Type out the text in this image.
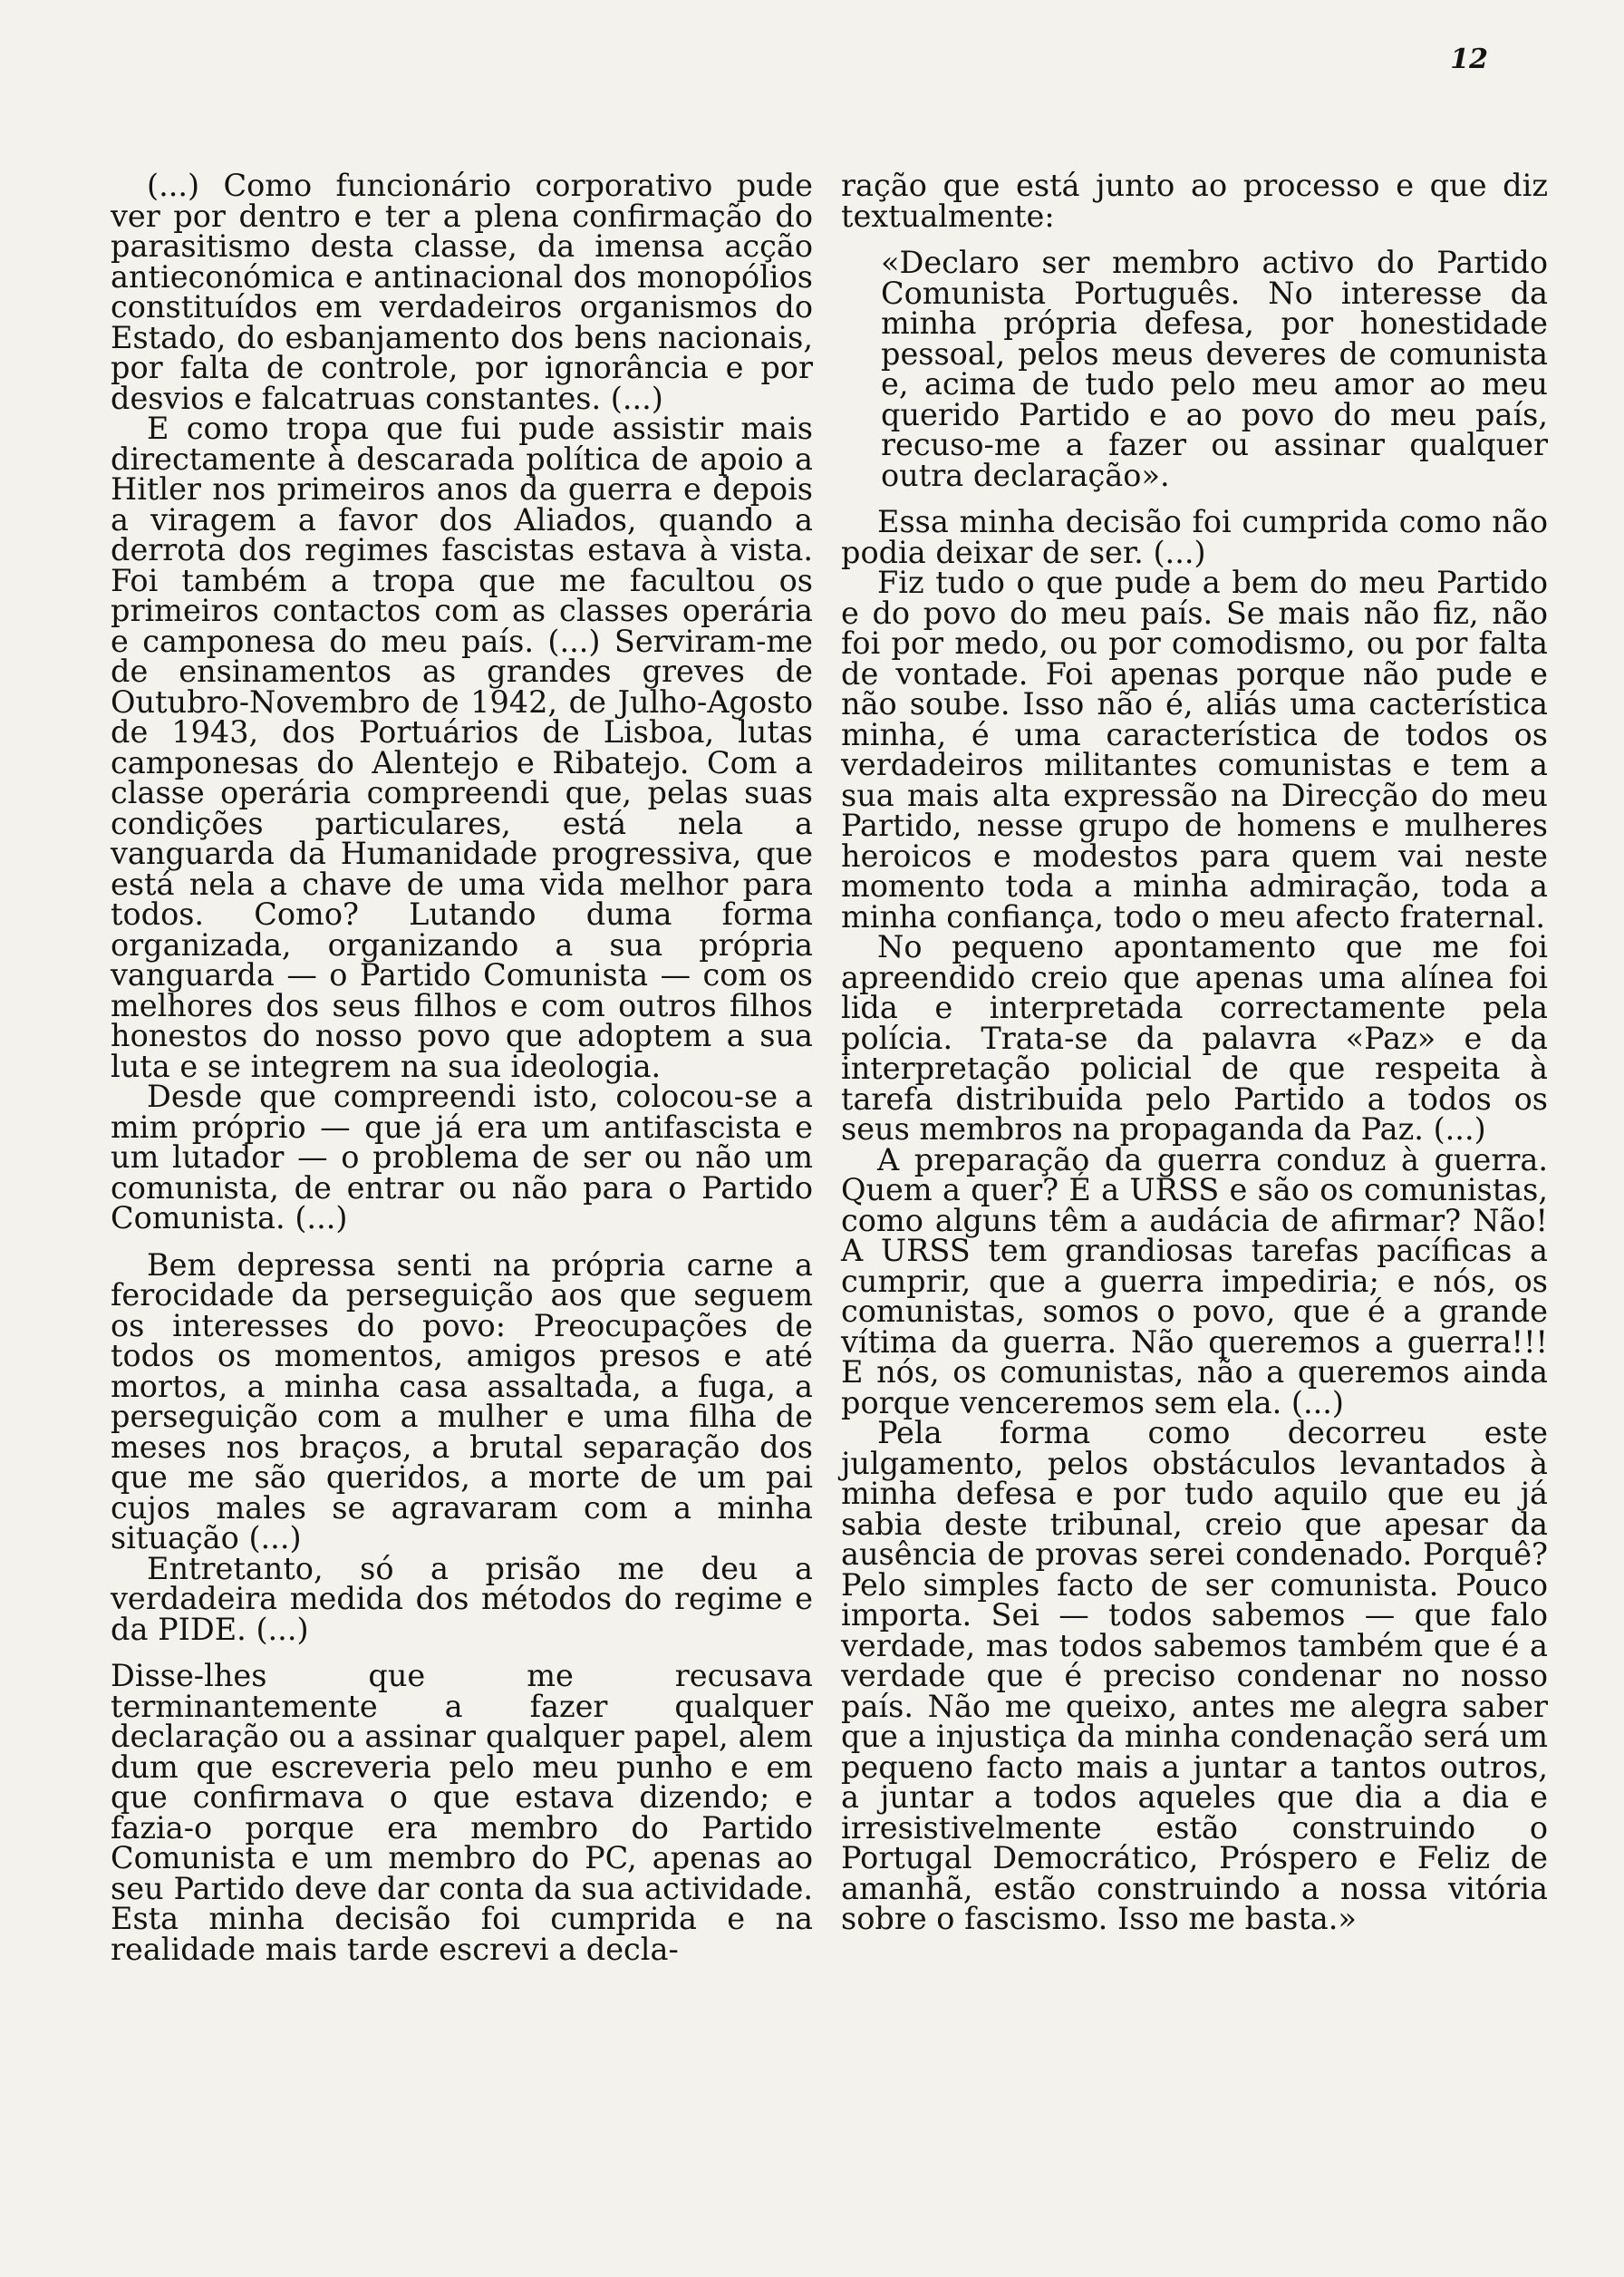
12

(...) Como funcionário corporativo pude ver por dentro e ter a plena confirmação do parasitismo desta classe, da imensa acção antieconómica e antinacional dos monopólios constituídos em verdadeiros organismos do Estado, do esbanjamento dos bens nacionais, por falta de controle, por ignorância e por desvios e falcatruas constantes. (...)

E como tropa que fui pude assistir mais directamente à descarada política de apoio a Hitler nos primeiros anos da guerra e depois a viragem a favor dos Aliados, quando a derrota dos regimes fascistas estava à vista. Foi também a tropa que me facultou os primeiros contactos com as classes operária e camponesa do meu país. (...) Serviram-me de ensinamentos as grandes greves de Outubro-Novembro de 1942, de Julho-Agosto de 1943, dos Portuários de Lisboa, lutas camponesas do Alentejo e Ribatejo. Com a classe operária compreendi que, pelas suas condições particulares, está nela a vanguarda da Humanidade progressiva, que está nela a chave de uma vida melhor para todos. Como? Lutando duma forma organizada, organizando a sua própria vanguarda — o Partido Comunista — com os melhores dos seus filhos e com outros filhos honestos do nosso povo que adoptem a sua luta e se integrem na sua ideologia.

Desde que compreendi isto, colocou-se a mim próprio — que já era um antifascista e um lutador — o problema de ser ou não um comunista, de entrar ou não para o Partido Comunista. (...)

Bem depressa senti na própria carne a ferocidade da perseguição aos que seguem os interesses do povo: Preocupações de todos os momentos, amigos presos e até mortos, a minha casa assaltada, a fuga, a perseguição com a mulher e uma filha de meses nos braços, a brutal separação dos que me são queridos, a morte de um pai cujos males se agravaram com a minha situação (...)

Entretanto, só a prisão me deu a verdadeira medida dos métodos do regime e da PIDE. (...)

Disse-lhes que me recusava terminantemente a fazer qualquer declaração ou a assinar qualquer papel, alem dum que escreveria pelo meu punho e em que confirmava o que estava dizendo; e fazia-o porque era membro do Partido Comunista e um membro do PC, apenas ao seu Partido deve dar conta da sua actividade. Esta minha decisão foi cumprida e na realidade mais tarde escrevi a decla-

ração que está junto ao processo e que diz textualmente:

«Declaro ser membro activo do Partido Comunista Português. No interesse da minha própria defesa, por honestidade pessoal, pelos meus deveres de comunista e, acima de tudo pelo meu amor ao meu querido Partido e ao povo do meu país, recuso-me a fazer ou assinar qualquer outra declaração».

Essa minha decisão foi cumprida como não podia deixar de ser. (...)

Fiz tudo o que pude a bem do meu Partido e do povo do meu país. Se mais não fiz, não foi por medo, ou por comodismo, ou por falta de vontade. Foi apenas porque não pude e não soube. Isso não é, aliás uma cacterística minha, é uma característica de todos os verdadeiros militantes comunistas e tem a sua mais alta expressão na Direcção do meu Partido, nesse grupo de homens e mulheres heroicos e modestos para quem vai neste momento toda a minha admiração, toda a minha confiança, todo o meu afecto fraternal.

No pequeno apontamento que me foi apreendido creio que apenas uma alínea foi lida e interpretada correctamente pela polícia. Trata-se da palavra «Paz» e da interpretação policial de que respeita à tarefa distribuida pelo Partido a todos os seus membros na propaganda da Paz. (...)

A preparação da guerra conduz à guerra. Quem a quer? É a URSS e são os comunistas, como alguns têm a audácia de afirmar? Não! A URSS tem grandiosas tarefas pacíficas a cumprir, que a guerra impediria; e nós, os comunistas, somos o povo, que é a grande vítima da guerra. Não queremos a guerra!!! E nós, os comunistas, não a queremos ainda porque venceremos sem ela. (...)

Pela forma como decorreu este julgamento, pelos obstáculos levantados à minha defesa e por tudo aquilo que eu já sabia deste tribunal, creio que apesar da ausência de provas serei condenado. Porquê? Pelo simples facto de ser comunista. Pouco importa. Sei — todos sabemos — que falo verdade, mas todos sabemos também que é a verdade que é preciso condenar no nosso país. Não me queixo, antes me alegra saber que a injustiça da minha condenação será um pequeno facto mais a juntar a tantos outros, a juntar a todos aqueles que dia a dia e irresistivelmente estão construindo o Portugal Democrático, Próspero e Feliz de amanhã, estão construindo a nossa vitória sobre o fascismo. Isso me basta.»
